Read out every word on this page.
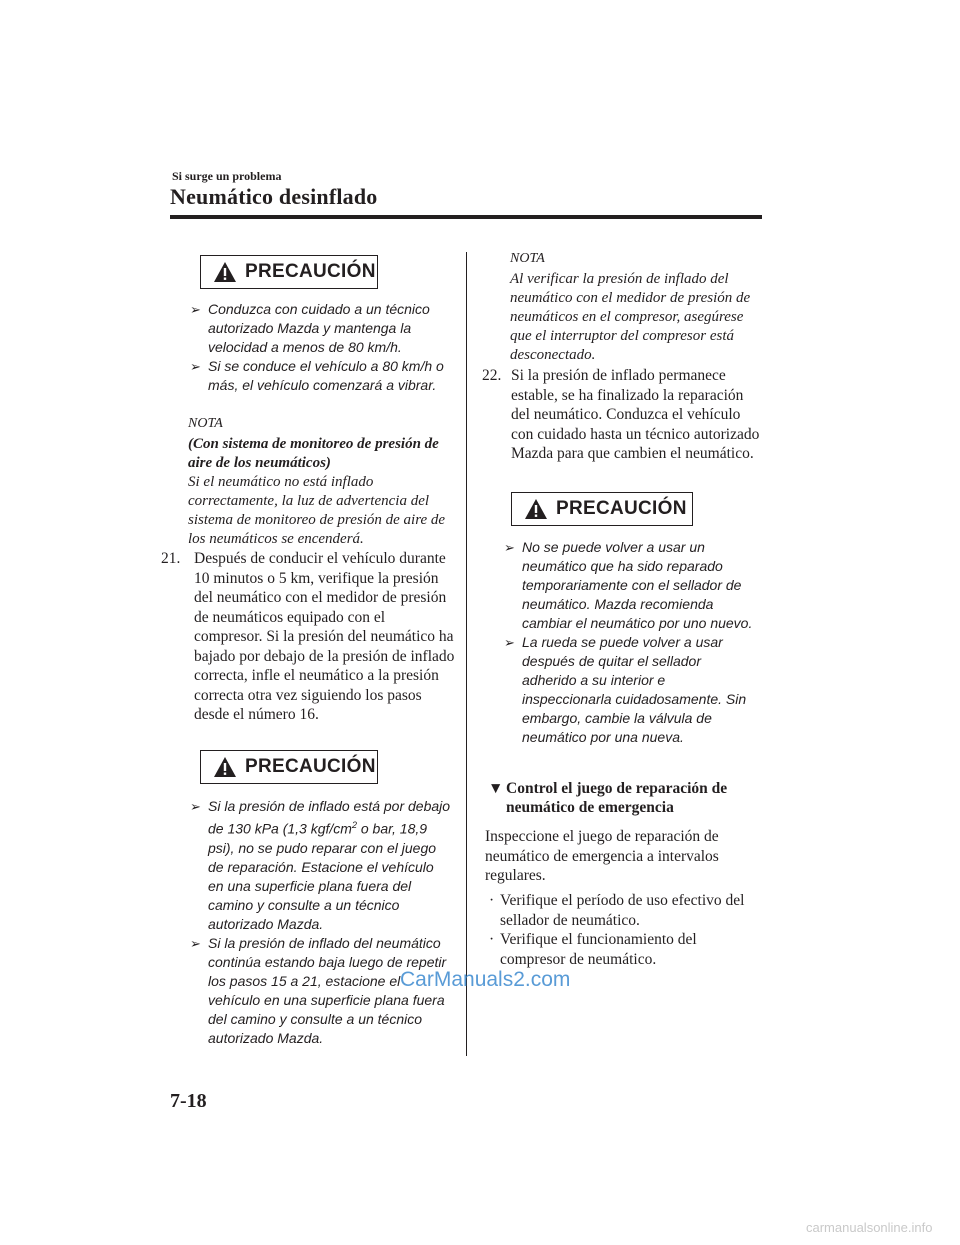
Si surge un problema
Neumático desinflado
PRECAUCIÓN
➢ Conduzca con cuidado a un técnico autorizado Mazda y mantenga la velocidad a menos de 80 km/h.
➢ Si se conduce el vehículo a 80 km/h o más, el vehículo comenzará a vibrar.
NOTA
(Con sistema de monitoreo de presión de aire de los neumáticos)
Si el neumático no está inflado correctamente, la luz de advertencia del sistema de monitoreo de presión de aire de los neumáticos se encenderá.
21. Después de conducir el vehículo durante 10 minutos o 5 km, verifique la presión del neumático con el medidor de presión de neumáticos equipado con el compresor. Si la presión del neumático ha bajado por debajo de la presión de inflado correcta, infle el neumático a la presión correcta otra vez siguiendo los pasos desde el número 16.
PRECAUCIÓN
➢ Si la presión de inflado está por debajo de 130 kPa (1,3 kgf/$cm^2$ o bar, 18,9 psi), no se pudo reparar con el juego de reparación. Estacione el vehículo en una superficie plana fuera del camino y consulte a un técnico autorizado Mazda.
➢ Si la presión de inflado del neumático continúa estando baja luego de repetir los pasos 15 a 21, estacione el vehículo en una superficie plana fuera del camino y consulte a un técnico autorizado Mazda.
NOTA
Al verificar la presión de inflado del neumático con el medidor de presión de neumáticos en el compresor, asegúrese que el interruptor del compresor está desconectado.
22. Si la presión de inflado permanece estable, se ha finalizado la reparación del neumático. Conduzca el vehículo con cuidado hasta un técnico autorizado Mazda para que cambien el neumático.
PRECAUCIÓN
➢ No se puede volver a usar un neumático que ha sido reparado temporariamente con el sellador de neumático. Mazda recomienda cambiar el neumático por uno nuevo.
➢ La rueda se puede volver a usar después de quitar el sellador adherido a su interior e inspeccionarla cuidadosamente. Sin embargo, cambie la válvula de neumático por una nueva.
▼ Control el juego de reparación de neumático de emergencia
Inspeccione el juego de reparación de neumático de emergencia a intervalos regulares.
· Verifique el período de uso efectivo del sellador de neumático.
· Verifique el funcionamiento del compresor de neumático.
CarManuals2.com
7-18
carmanualsonline.info
